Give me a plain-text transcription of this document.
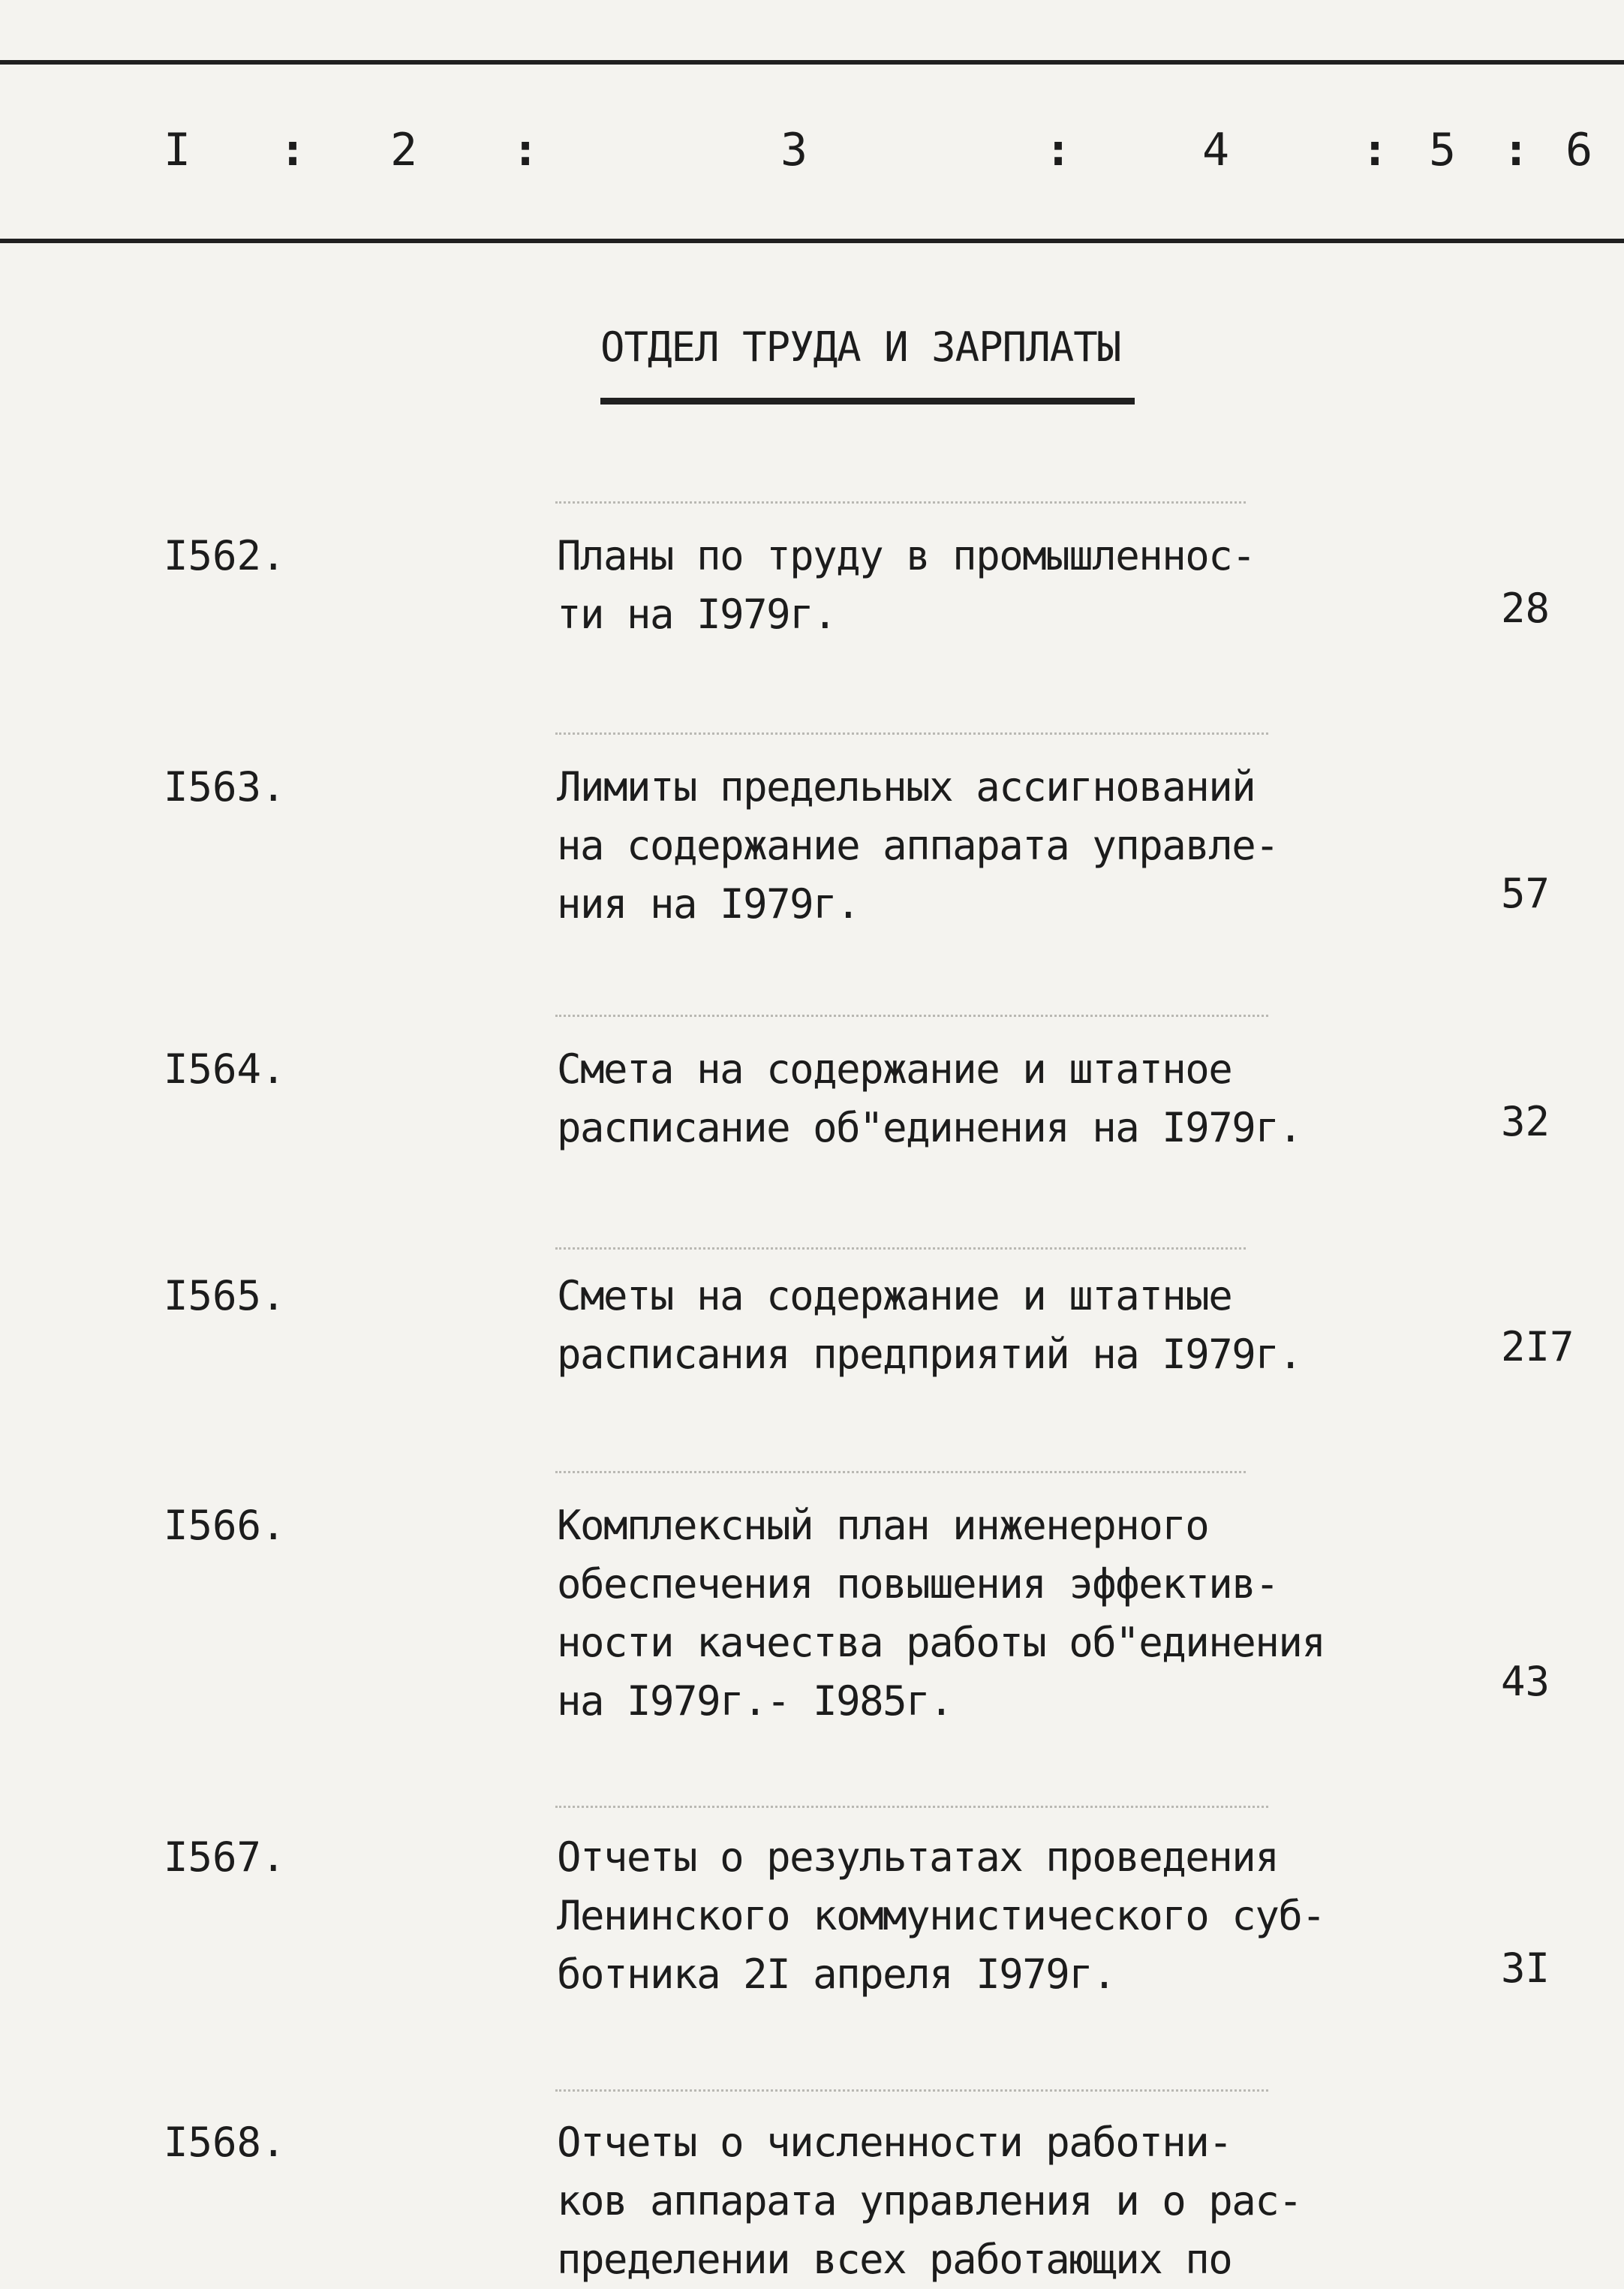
I : 2 :	3	:	4	: 5 : 6
ОТДЕЛ ТРУДА И ЗАРПЛАТЫ
I562.	Планы по труду в промышленнос-
ти на I979г.	28
I563.	Лимиты предельных ассигнований
на содержание аппарата управле-
ния на I979г.	57
I564.	Смета на содержание и штатное
расписание об"единения на I979г.	32
I565.	Сметы на содержание и штатные
расписания предприятий на I979г.	2I7
I566.	Комплексный план инженерного
обеспечения повышения эффектив-
ности качества работы об"единения
на I979г.- I985г.	43
I567.	Отчеты о результатах проведения
Ленинского коммунистического суб-
ботника 2I апреля I979г.	3I
I568.	Отчеты о численности работни-
ков аппарата управления и о рас-
пределении всех работающих по
